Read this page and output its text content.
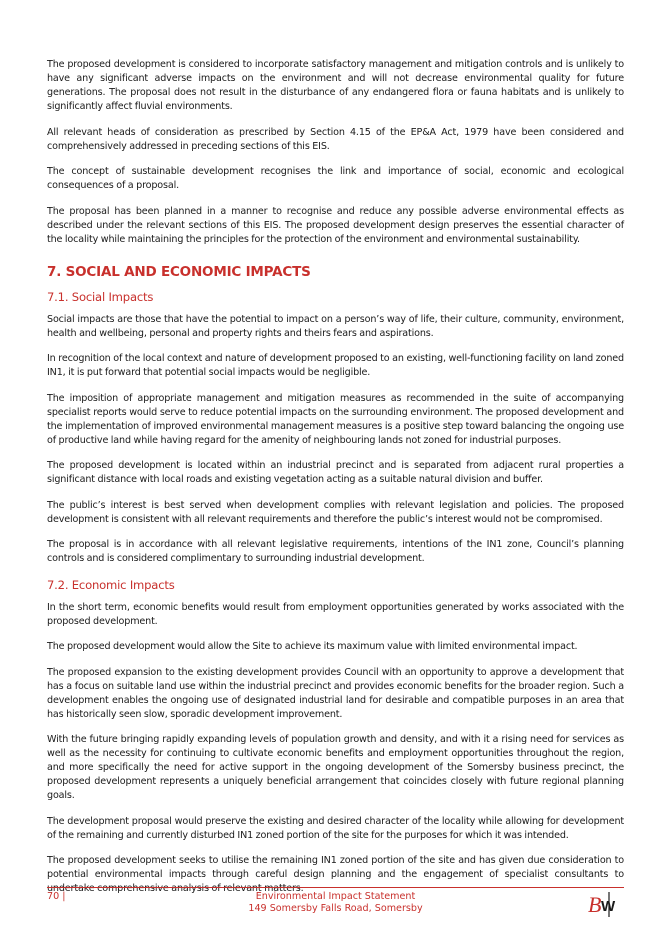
The proposed development is considered to incorporate satisfactory management and mitigation controls and is unlikely to have any significant adverse impacts on the environment and will not decrease environmental quality for future generations. The proposal does not result in the disturbance of any endangered flora or fauna habitats and is unlikely to significantly affect fluvial environments.

All relevant heads of consideration as prescribed by Section 4.15 of the EP&A Act, 1979 have been considered and comprehensively addressed in preceding sections of this EIS.

The concept of sustainable development recognises the link and importance of social, economic and ecological consequences of a proposal.

The proposal has been planned in a manner to recognise and reduce any possible adverse environmental effects as described under the relevant sections of this EIS. The proposed development design preserves the essential character of the locality while maintaining the principles for the protection of the environment and environmental sustainability.

7. SOCIAL AND ECONOMIC IMPACTS
7.1. Social Impacts

Social impacts are those that have the potential to impact on a person’s way of life, their culture, community, environment, health and wellbeing, personal and property rights and theirs fears and aspirations.

In recognition of the local context and nature of development proposed to an existing, well-functioning facility on land zoned IN1, it is put forward that potential social impacts would be negligible.

The imposition of appropriate management and mitigation measures as recommended in the suite of accompanying specialist reports would serve to reduce potential impacts on the surrounding environment. The proposed development and the implementation of improved environmental management measures is a positive step toward balancing the ongoing use of productive land while having regard for the amenity of neighbouring lands not zoned for industrial purposes.

The proposed development is located within an industrial precinct and is separated from adjacent rural properties a significant distance with local roads and existing vegetation acting as a suitable natural division and buffer.

The public’s interest is best served when development complies with relevant legislation and policies. The proposed development is consistent with all relevant requirements and therefore the public’s interest would not be compromised.

The proposal is in accordance with all relevant legislative requirements, intentions of the IN1 zone, Council’s planning controls and is considered complimentary to surrounding industrial development.

7.2. Economic Impacts

In the short term, economic benefits would result from employment opportunities generated by works associated with the proposed development.

The proposed development would allow the Site to achieve its maximum value with limited environmental impact.

The proposed expansion to the existing development provides Council with an opportunity to approve a development that has a focus on suitable land use within the industrial precinct and provides economic benefits for the broader region. Such a development enables the ongoing use of designated industrial land for desirable and compatible purposes in an area that has historically seen slow, sporadic development improvement.

With the future bringing rapidly expanding levels of population growth and density, and with it a rising need for services as well as the necessity for continuing to cultivate economic benefits and employment opportunities throughout the region, and more specifically the need for active support in the ongoing development of the Somersby business precinct, the proposed development represents a uniquely beneficial arrangement that coincides closely with future regional planning goals.

The development proposal would preserve the existing and desired character of the locality while allowing for development of the remaining and currently disturbed IN1 zoned portion of the site for the purposes for which it was intended.

The proposed development seeks to utilise the remaining IN1 zoned portion of the site and has given due consideration to potential environmental impacts through careful design planning and the engagement of specialist consultants to undertake comprehensive analysis of relevant matters.

70 |	Environmental Impact Statement
149 Somersby Falls Road, Somersby	B W
